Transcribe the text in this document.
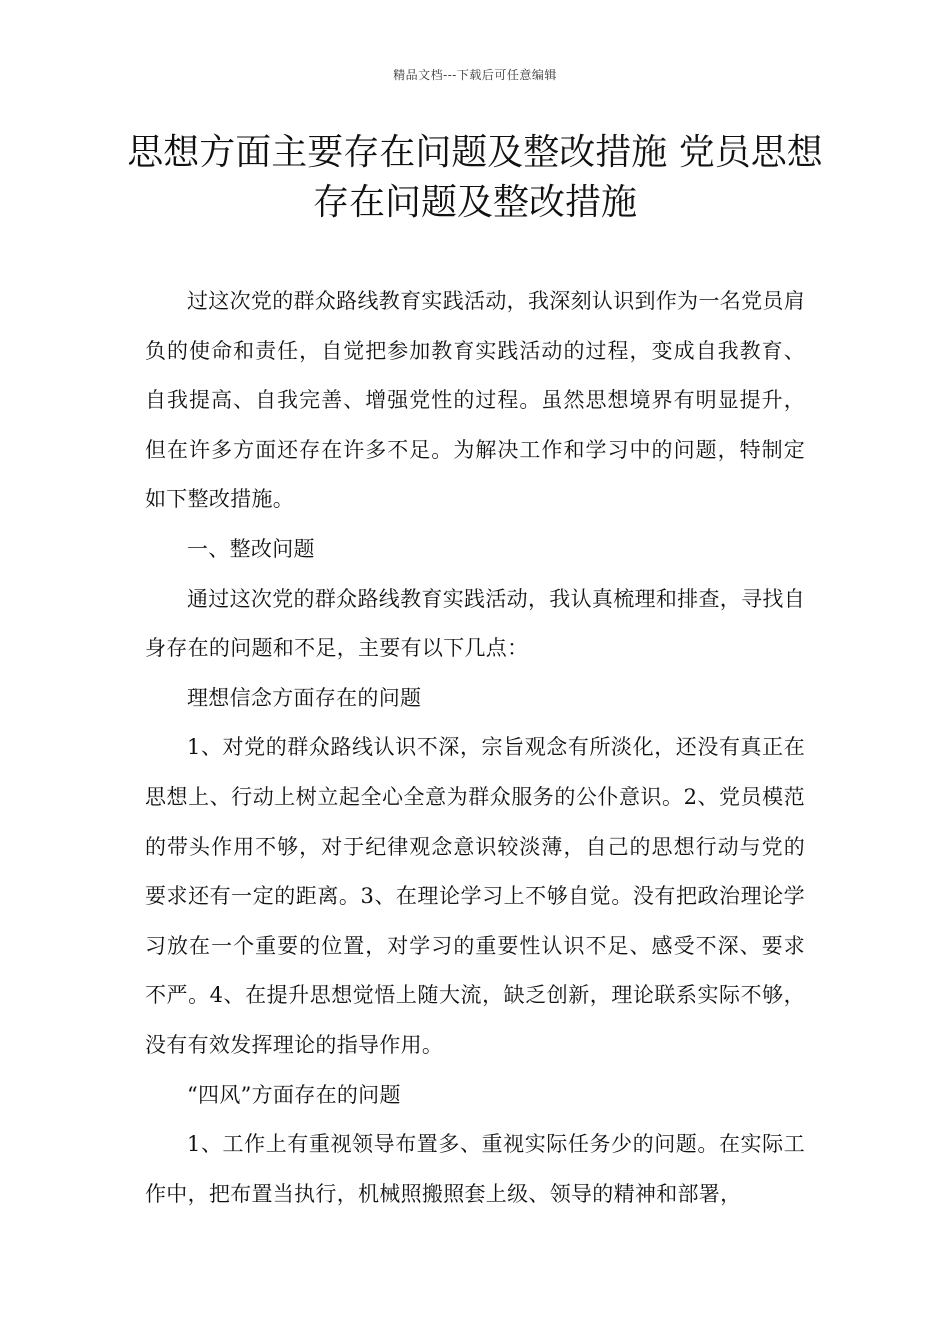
精品文档---下载后可任意编辑
思想方面主要存在问题及整改措施 党员思想存在问题及整改措施

过这次党的群众路线教育实践活动，我深刻认识到作为一名党员肩负的使命和责任，自觉把参加教育实践活动的过程，变成自我教育、自我提高、自我完善、增强党性的过程。虽然思想境界有明显提升，但在许多方面还存在许多不足。为解决工作和学习中的问题，特制定如下整改措施。

一、整改问题

通过这次党的群众路线教育实践活动，我认真梳理和排查，寻找自身存在的问题和不足，主要有以下几点：

理想信念方面存在的问题

1、对党的群众路线认识不深，宗旨观念有所淡化，还没有真正在思想上、行动上树立起全心全意为群众服务的公仆意识。2、党员模范的带头作用不够，对于纪律观念意识较淡薄，自己的思想行动与党的要求还有一定的距离。3、在理论学习上不够自觉。没有把政治理论学习放在一个重要的位置，对学习的重要性认识不足、感受不深、要求不严。4、在提升思想觉悟上随大流，缺乏创新，理论联系实际不够，没有有效发挥理论的指导作用。

“四风”方面存在的问题

1、工作上有重视领导布置多、重视实际任务少的问题。在实际工作中，把布置当执行，机械照搬照套上级、领导的精神和部署，
